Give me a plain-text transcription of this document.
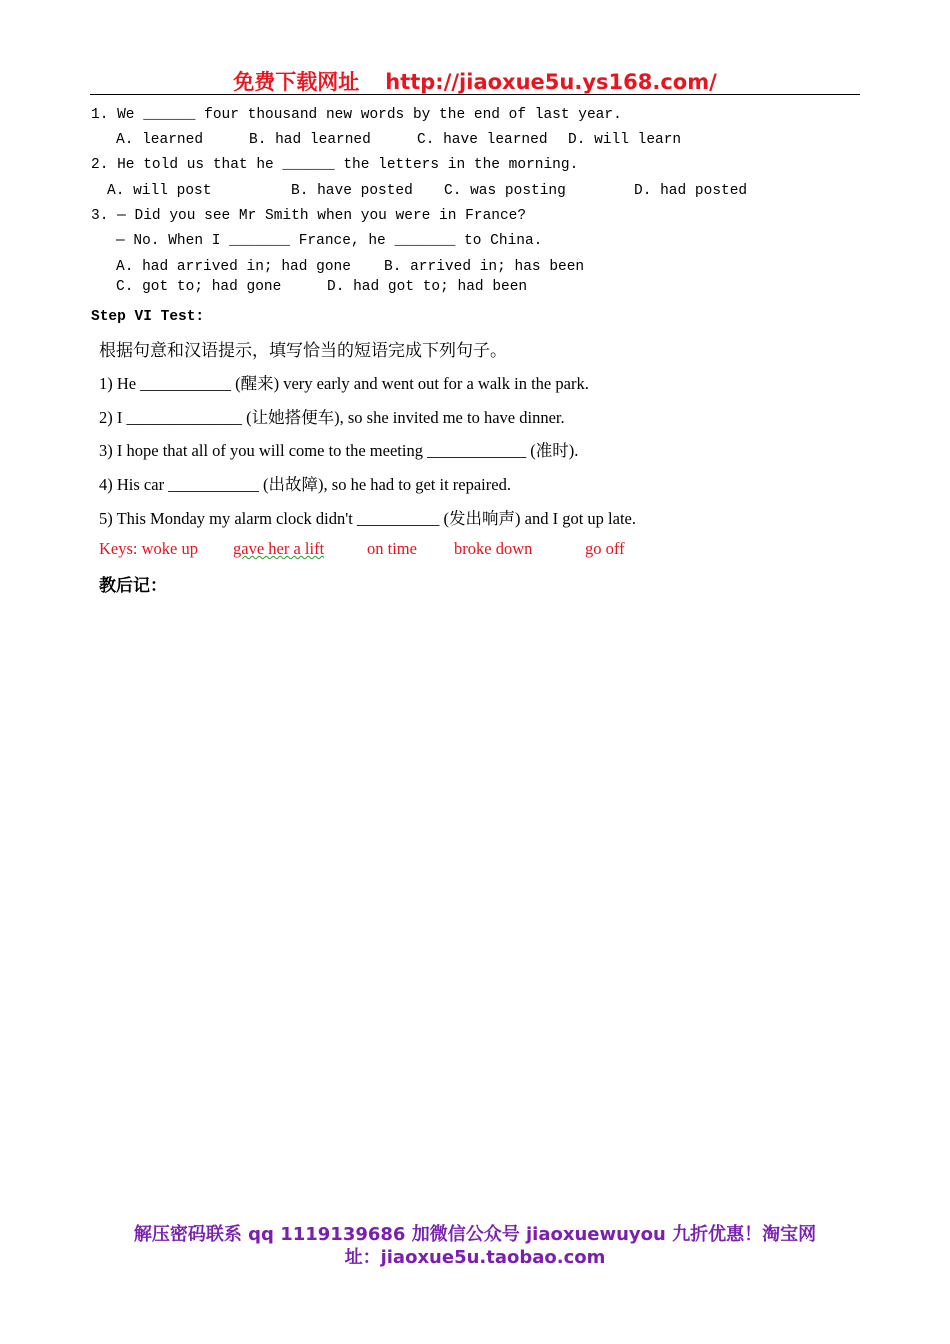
免费下载网址 http://jiaoxue5u.ys168.com/
1. We ______ four thousand new words by the end of last year.
A. learned	B. had learned	C. have learned D. will learn
2. He told us that he ______ the letters in the morning.
A. will post	B. have posted C. was posting	D. had posted
3. — Did you see Mr Smith when you were in France?
— No. When I _______ France, he _______ to China.
A. had arrived in; had gone B. arrived in; has been
C. got to; had gone	D. had got to; had been
Step VI Test:
根据句意和汉语提示，填写恰当的短语完成下列句子。
1) He ___________ (醒来) very early and went out for a walk in the park.
2) I ______________ (让她搭便车), so she invited me to have dinner.
3) I hope that all of you will come to the meeting ____________ (准时).
4) His car ___________ (出故障), so he had to get it repaired.
5) This Monday my alarm clock didn't __________ (发出响声) and I got up late.
Keys: woke up gave her a lift	on time broke down	go off
教后记：
解压密码联系 qq 1119139686 加微信公众号 jiaoxuewuyou 九折优惠！淘宝网
址：jiaoxue5u.taobao.com
